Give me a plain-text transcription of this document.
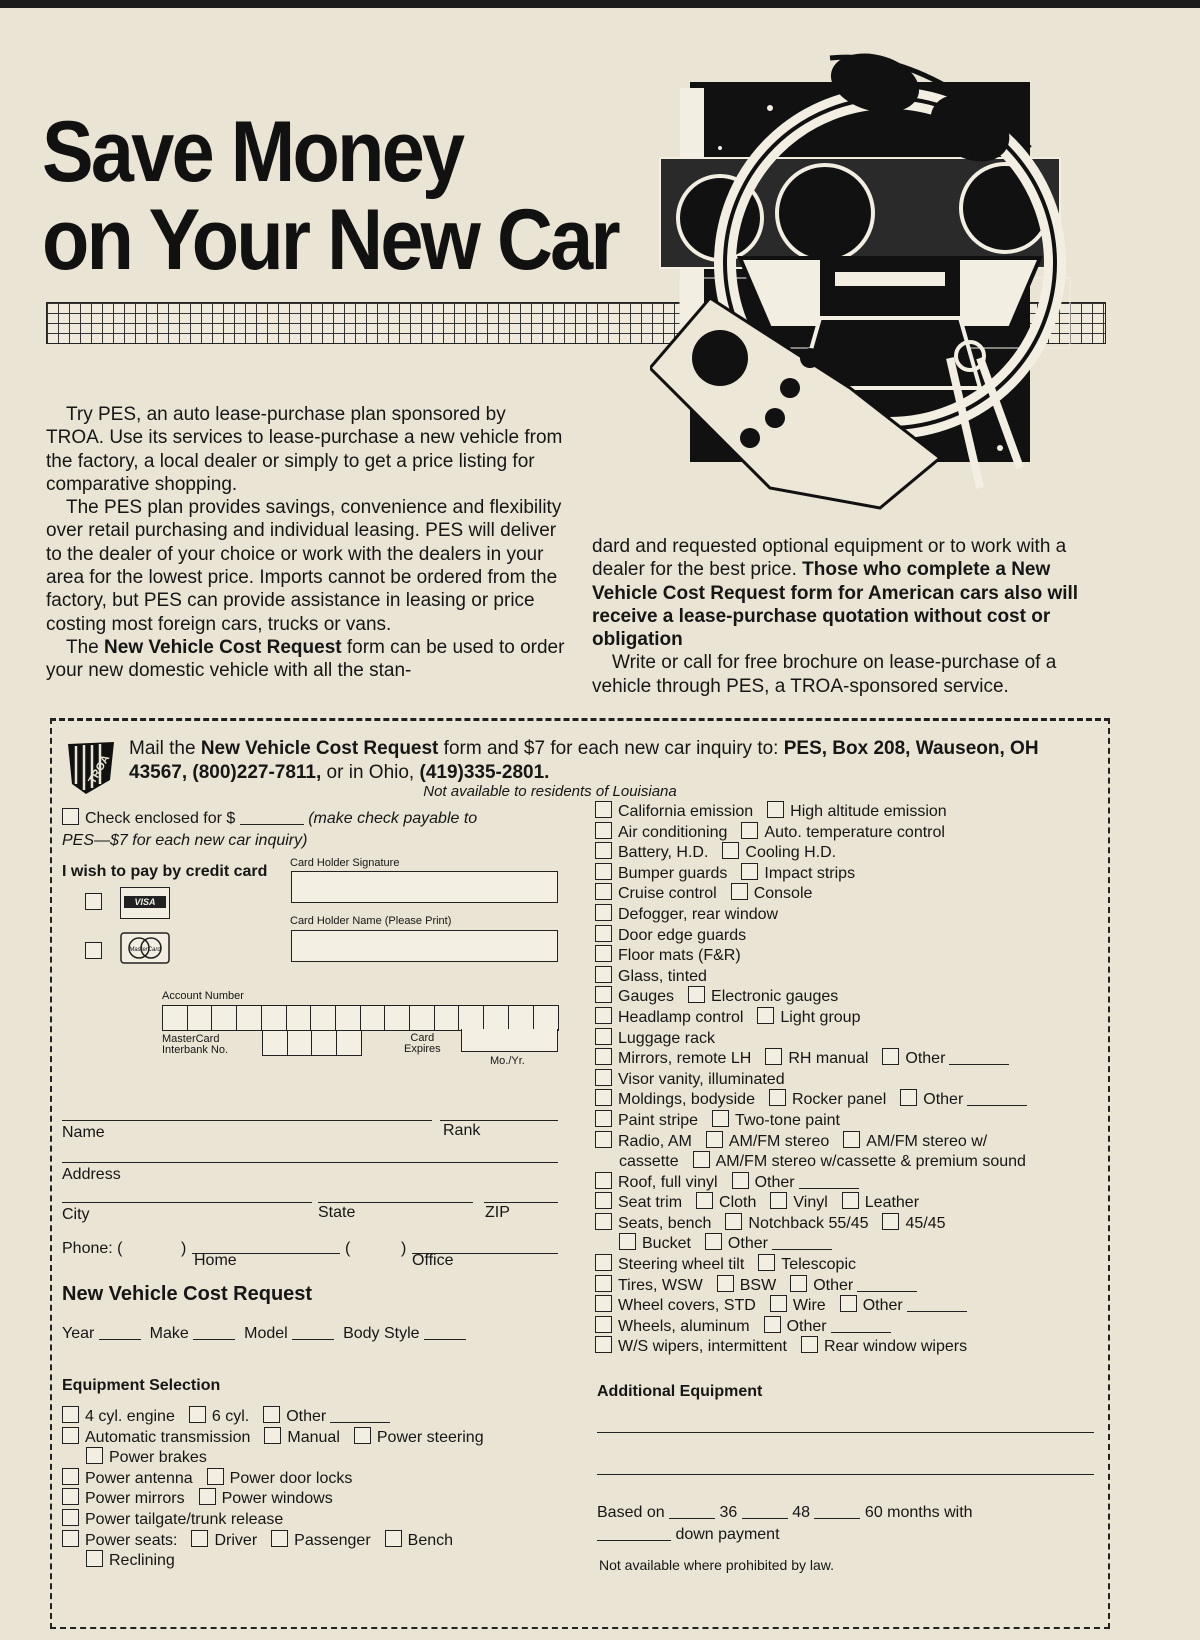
Save Money
on Your New Car

Try PES, an auto lease-purchase plan sponsored by TROA. Use its services to lease-purchase a new vehicle from the factory, a local dealer or simply to get a price listing for comparative shopping.

The PES plan provides savings, convenience and flexibility over retail purchasing and individual leasing. PES will deliver to the dealer of your choice or work with the dealers in your area for the lowest price. Imports cannot be ordered from the factory, but PES can provide assistance in leasing or price costing most foreign cars, trucks or vans.

The New Vehicle Cost Request form can be used to order your new domestic vehicle with all the stan-

dard and requested optional equipment or to work with a dealer for the best price. Those who complete a New Vehicle Cost Request form for American cars also will receive a lease-purchase quotation without cost or obligation

Write or call for free brochure on lease-purchase of a vehicle through PES, a TROA-sponsored service.

TROA
Mail the New Vehicle Cost Request form and $7 for each new car inquiry to: PES, Box 208, Wauseon, OH 43567, (800)227-7811, or in Ohio, (419)335-2801.
Not available to residents of Louisiana
Check enclosed for $	(make check payable to
PES—$7 for each new car inquiry)
I wish to pay by credit card Card Holder Signature
Card Holder Name (Please Print)
VISA
MasterCard
Account Number
MasterCard
Interbank No.
Card
Expires
Mo./Yr.
Name	Rank
Address
City	State	ZIP
Phone: (	)
Home
(	)
Office
New Vehicle Cost Request
Year	Make	Model	Body Style
Equipment Selection
4 cyl. engine 6 cyl. Other
Automatic transmission Manual Power steering
Power brakes
Power antenna Power door locks
Power mirrors Power windows
Power tailgate/trunk release
Power seats: Driver Passenger Bench
Reclining
California emission High altitude emission
Air conditioning Auto. temperature control
Battery, H.D. Cooling H.D.
Bumper guards Impact strips
Cruise control Console
Defogger, rear window
Door edge guards
Floor mats (F&R)
Glass, tinted
Gauges Electronic gauges
Headlamp control Light group
Luggage rack
Mirrors, remote LH RH manual Other
Visor vanity, illuminated
Moldings, bodyside Rocker panel Other
Paint stripe Two-tone paint
Radio, AM AM/FM stereo AM/FM stereo w/
cassette AM/FM stereo w/cassette & premium sound
Roof, full vinyl Other
Seat trim Cloth Vinyl Leather
Seats, bench Notchback 55/45 45/45
Bucket Other
Steering wheel tilt Telescopic
Tires, WSW BSW Other
Wheel covers, STD Wire Other
Wheels, aluminum Other
W/S wipers, intermittent Rear window wipers
Additional Equipment
Based on	36	48	60 months with
down payment
Not available where prohibited by law.
